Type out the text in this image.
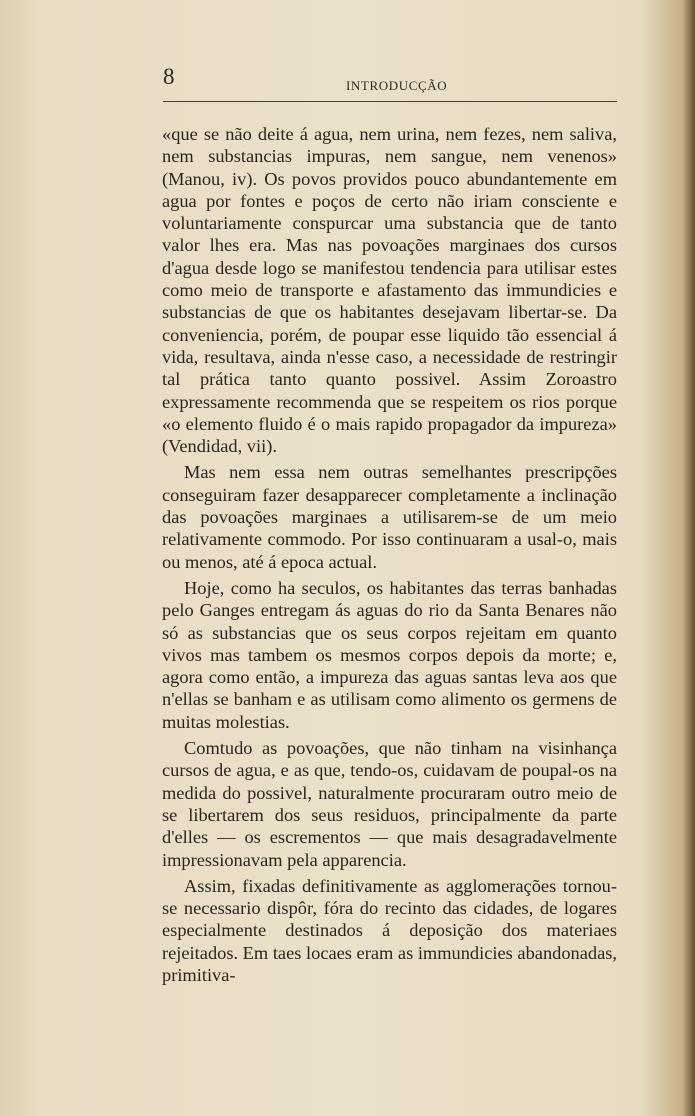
8	INTRODUCÇÃO

«que se não deite á agua, nem urina, nem fezes, nem saliva, nem substancias impuras, nem sangue, nem venenos» (Manou, iv). Os povos providos pouco abundantemente em agua por fontes e poços de certo não iriam consciente e voluntariamente conspurcar uma substancia que de tanto valor lhes era. Mas nas povoações marginaes dos cursos d'agua desde logo se manifestou tendencia para utilisar estes como meio de transporte e afastamento das immundicies e substancias de que os habitantes desejavam libertar-se. Da conveniencia, porém, de poupar esse liquido tão essencial á vida, resultava, ainda n'esse caso, a necessidade de restringir tal prática tanto quanto possivel. Assim Zoroastro expressamente recommenda que se respeitem os rios porque «o elemento fluido é o mais rapido propagador da impureza» (Vendidad, vii).

Mas nem essa nem outras semelhantes prescripções conseguiram fazer desapparecer completamente a inclinação das povoações marginaes a utilisarem-se de um meio relativamente commodo. Por isso continuaram a usal-o, mais ou menos, até á epoca actual.

Hoje, como ha seculos, os habitantes das terras banhadas pelo Ganges entregam ás aguas do rio da Santa Benares não só as substancias que os seus corpos rejeitam em quanto vivos mas tambem os mesmos corpos depois da morte; e, agora como então, a impureza das aguas santas leva aos que n'ellas se banham e as utilisam como alimento os germens de muitas molestias.

Comtudo as povoações, que não tinham na visinhança cursos de agua, e as que, tendo-os, cuidavam de poupal-os na medida do possivel, naturalmente procuraram outro meio de se libertarem dos seus residuos, principalmente da parte d'elles — os escrementos — que mais desagradavelmente impressionavam pela apparencia.

Assim, fixadas definitivamente as agglomerações tornou-se necessario dispôr, fóra do recinto das cidades, de logares especialmente destinados á deposição dos materiaes rejeitados. Em taes locaes eram as immundicies abandonadas, primitiva-
